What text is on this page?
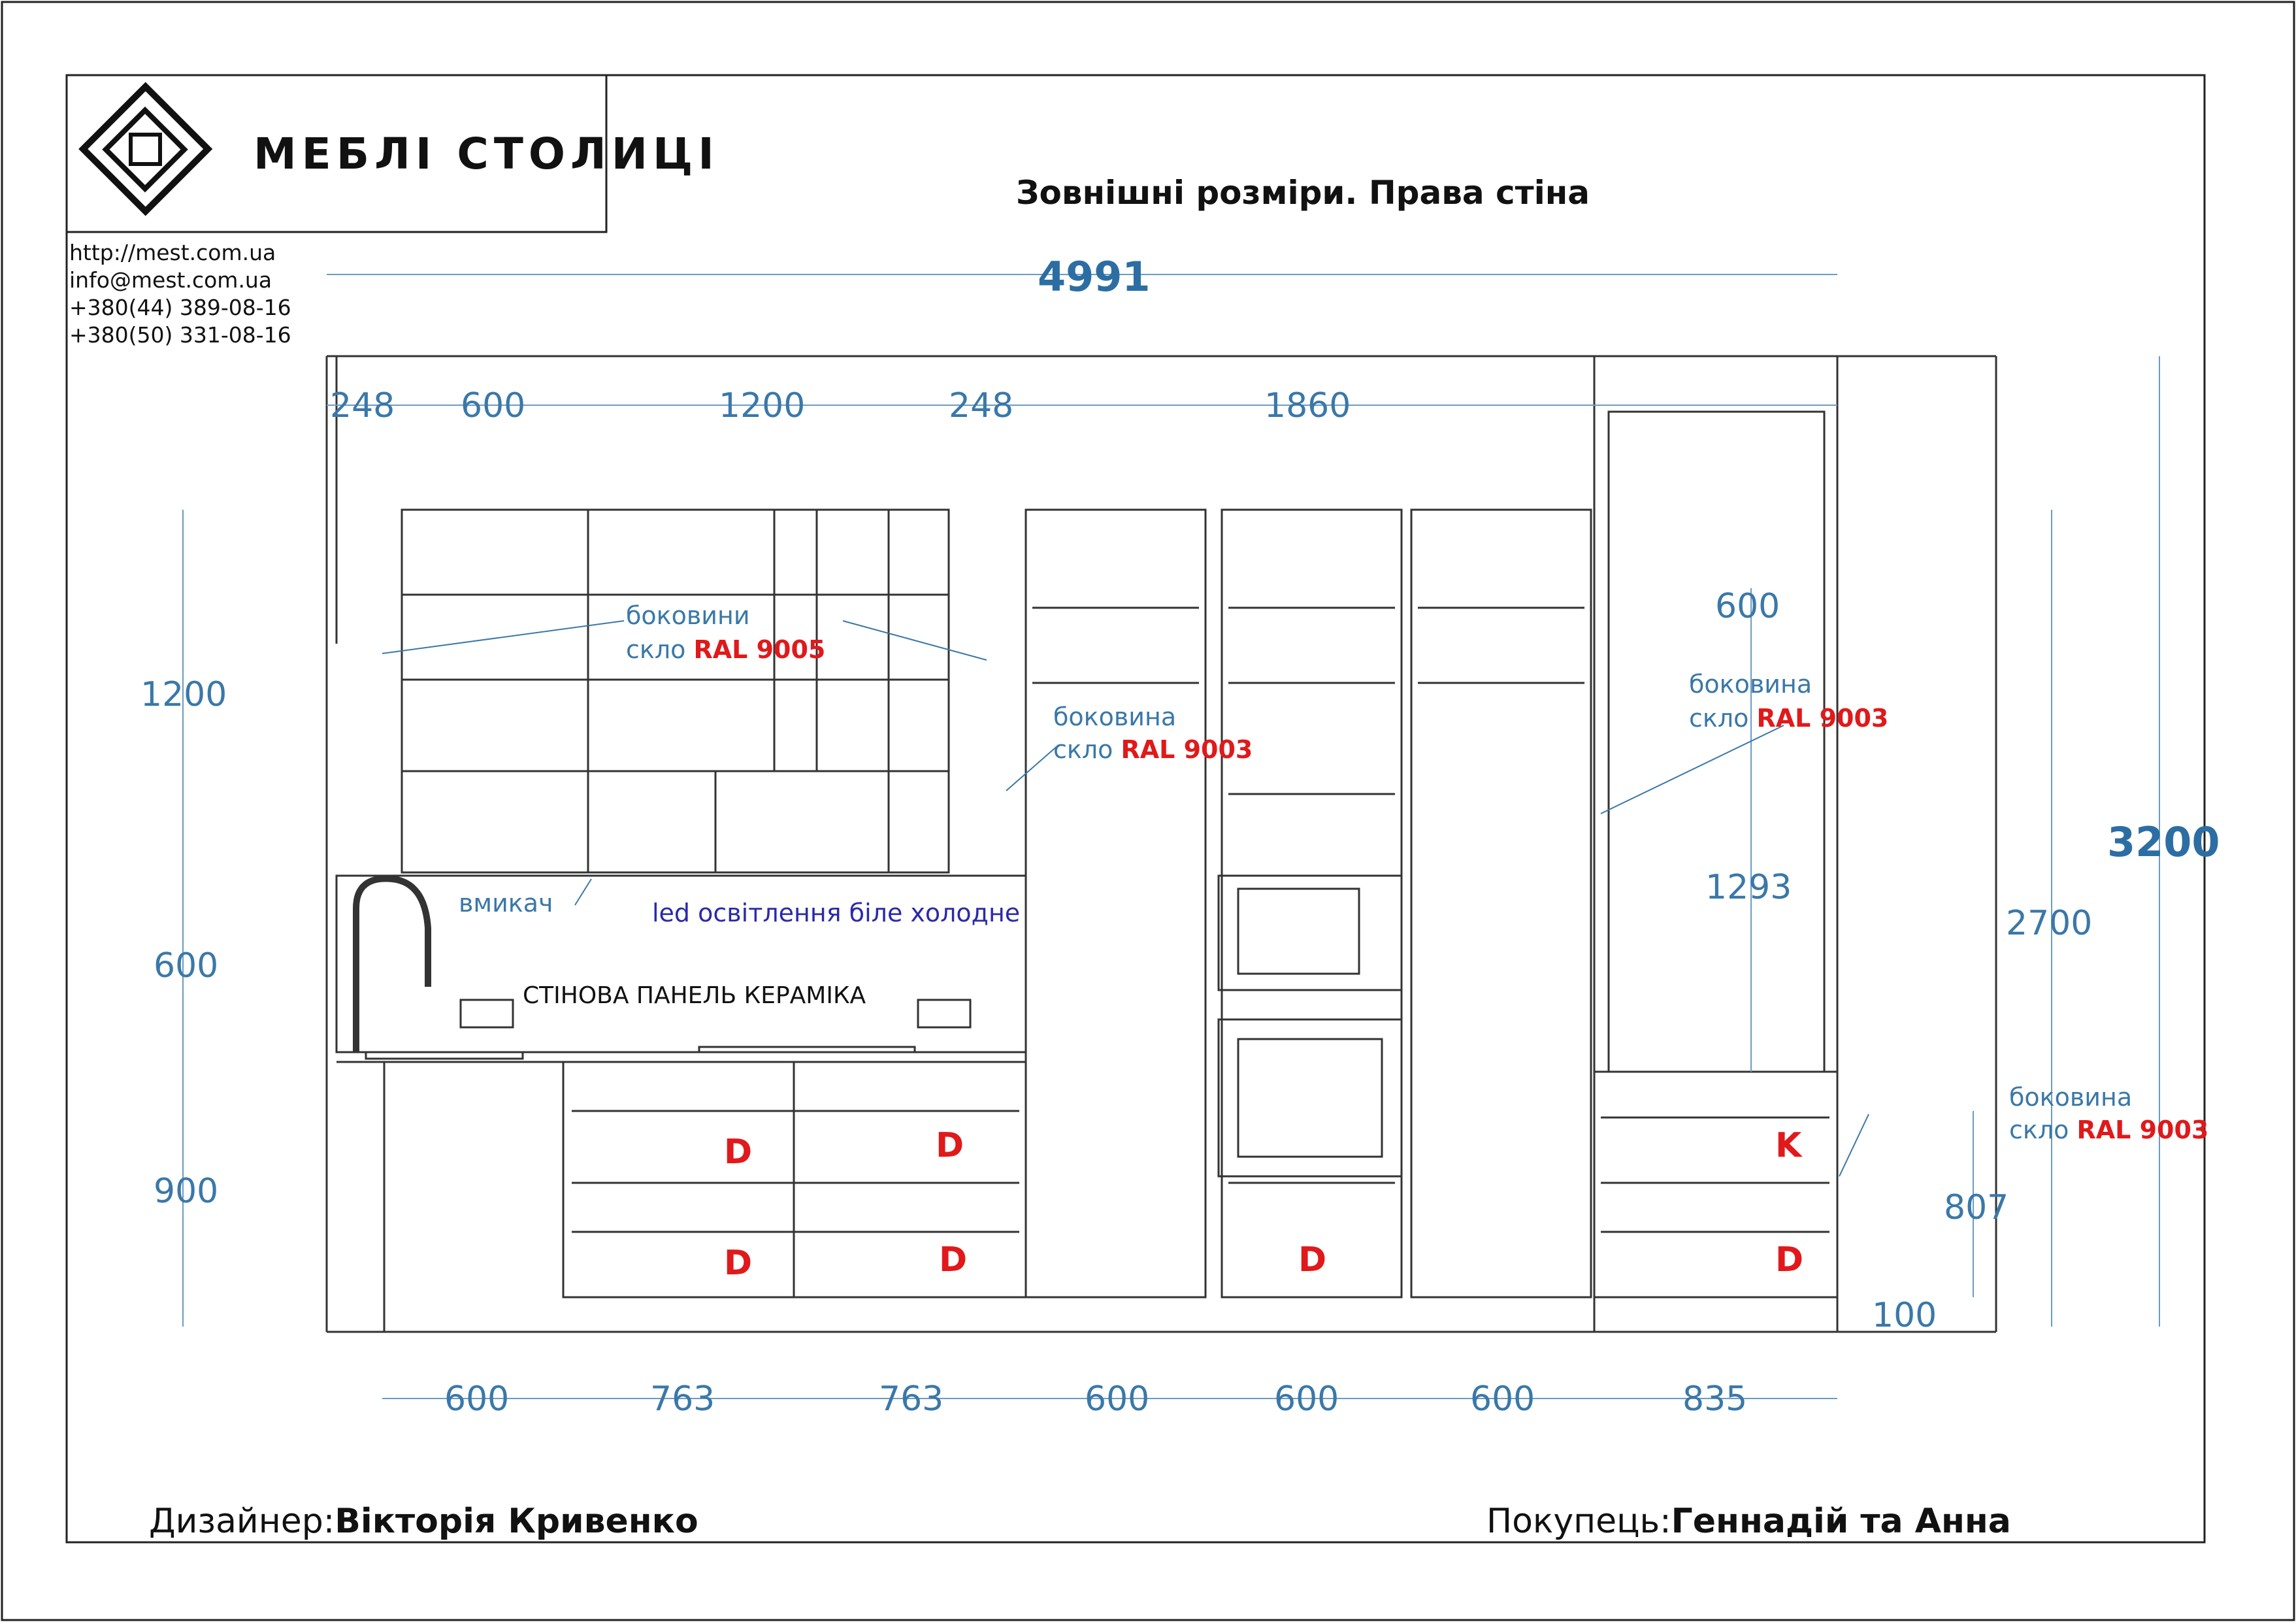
МЕБЛІ СТОЛИЦІ
http://mest.com.ua
info@mest.com.ua
+380(44) 389-08-16
+380(50) 331-08-16
Зовнішні розміри. Права стіна
4991
3200
248 600	1200	248	1860
1200
600
900
600	763	763	600	600	600	835
600
1293
2700
807
100
боковини
скло RAL 9005
боковина
скло RAL 9003
боковина
скло RAL 9003
боковина
скло RAL 9003
вмикач	led освітлення біле холодне
СТІНОВА ПАНЕЛЬ КЕРАМІКА
D	D
D	D	D
K
D
Дизайнер:Вікторія Кривенко	Покупець:Геннадій та Анна
